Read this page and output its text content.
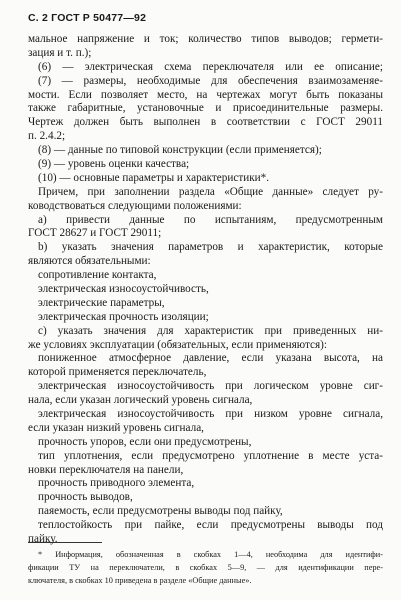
С. 2 ГОСТ Р 50477—92
мальное напряжение и ток; количество типов выводов; гермети-
зация и т. п.);
(6) — электрическая схема переключателя или ее описание;
(7) — размеры, необходимые для обеспечения взаимозаменяе-
мости. Если позволяет место, на чертежах могут быть показаны
также габаритные, установочные и присоединительные размеры.
Чертеж должен быть выполнен в соответствии с ГОСТ 29011
п. 2.4.2;
(8) — данные по типовой конструкции (если применяется);
(9) — уровень оценки качества;
(10) — основные параметры и характеристики*.
Причем, при заполнении раздела «Общие данные» следует ру-
ководствоваться следующими положениями:
а) привести данные по испытаниям, предусмотренным
ГОСТ 28627 и ГОСТ 29011;
b) указать значения параметров и характеристик, которые
являются обязательными:
сопротивление контакта,
электрическая износоустойчивость,
электрические параметры,
электрическая прочность изоляции;
с) указать значения для характеристик при приведенных ни-
же условиях эксплуатации (обязательных, если применяются):
пониженное атмосферное давление, если указана высота, на
которой применяется переключатель,
электрическая износоустойчивость при логическом уровне сиг-
нала, если указан логический уровень сигнала,
электрическая износоустойчивость при низком уровне сигнала,
если указан низкий уровень сигнала,
прочность упоров, если они предусмотрены,
тип уплотнения, если предусмотрено уплотнение в месте уста-
новки переключателя на панели,
прочность приводного элемента,
прочность выводов,
паяемость, если предусмотрены выводы под пайку,
теплостойкость при пайке, если предусмотрены выводы под
пайку.
* Информация, обозначенная в скобках 1—4, необходима для идентифи-
фикации ТУ на переключатели, в скобках 5—9, — для идентификации пере-
ключателя, в скобках 10 приведена в разделе «Общие данные».
